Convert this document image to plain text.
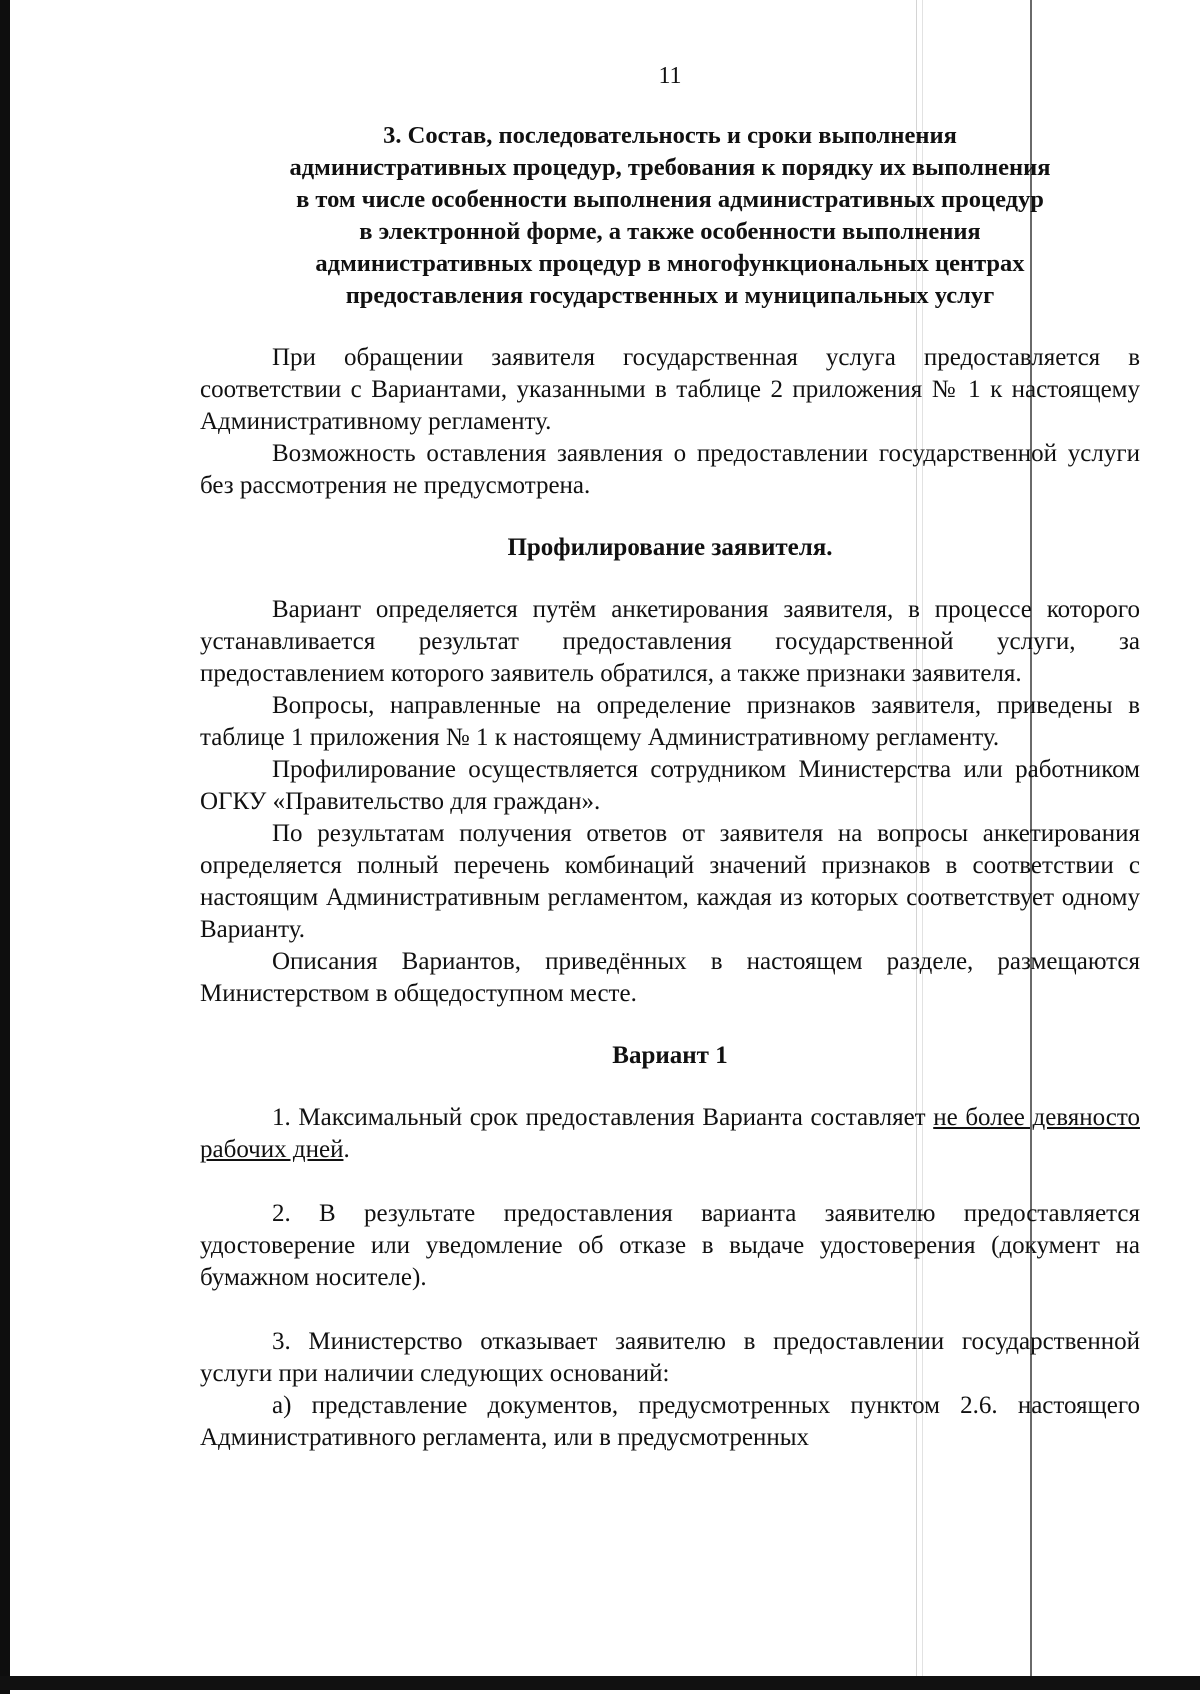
11
3. Состав, последовательность и сроки выполнения
административных процедур, требования к порядку их выполнения
в том числе особенности выполнения административных процедур
в электронной форме, а также особенности выполнения
административных процедур в многофункциональных центрах
предоставления государственных и муниципальных услуг

При обращении заявителя государственная услуга предоставляется в соответствии с Вариантами, указанными в таблице 2 приложения № 1 к настоящему Административному регламенту.

Возможность оставления заявления о предоставлении государственной услуги без рассмотрения не предусмотрена.

Профилирование заявителя.

Вариант определяется путём анкетирования заявителя, в процессе которого устанавливается результат предоставления государственной услуги, за предоставлением которого заявитель обратился, а также признаки заявителя.

Вопросы, направленные на определение признаков заявителя, приведены в таблице 1 приложения № 1 к настоящему Административному регламенту.

Профилирование осуществляется сотрудником Министерства или работником ОГКУ «Правительство для граждан».

По результатам получения ответов от заявителя на вопросы анкетирования определяется полный перечень комбинаций значений признаков в соответствии с настоящим Административным регламентом, каждая из которых соответствует одному Варианту.

Описания Вариантов, приведённых в настоящем разделе, размещаются Министерством в общедоступном месте.

Вариант 1

1. Максимальный срок предоставления Варианта составляет не более девяносто рабочих дней.

2. В результате предоставления варианта заявителю предоставляется удостоверение или уведомление об отказе в выдаче удостоверения (документ на бумажном носителе).

3. Министерство отказывает заявителю в предоставлении государственной услуги при наличии следующих оснований:

а) представление документов, предусмотренных пунктом 2.6. настоящего Административного регламента, или в предусмотренных
